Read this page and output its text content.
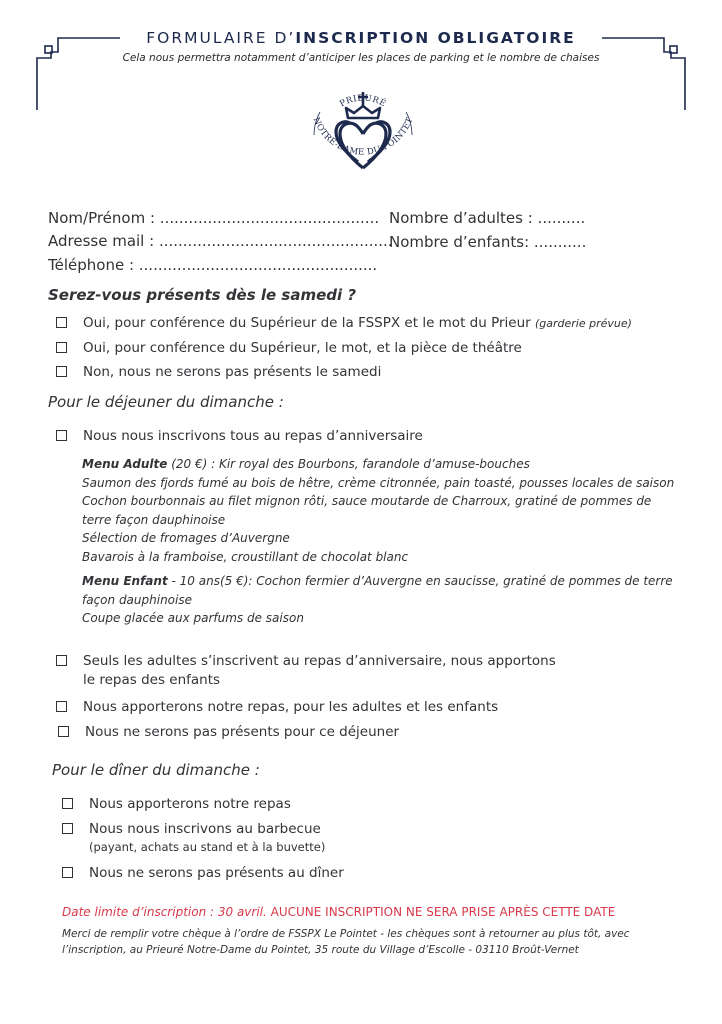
FORMULAIRE D’INSCRIPTION OBLIGATOIRE
Cela nous permettra notamment d’anticiper les places de parking et le nombre de chaises
PRIEURÉ
NOTRE-DAME DU POINTET
Nom/Prénom : ..............................................
Adresse mail : .................................................
Téléphone : ..................................................
Nombre d’adultes : ..........
Nombre d’enfants: ...........
Serez-vous présents dès le samedi ?
Oui, pour conférence du Supérieur de la FSSPX et le mot du Prieur (garderie prévue)
Oui, pour conférence du Supérieur, le mot, et la pièce de théâtre
Non, nous ne serons pas présents le samedi
Pour le déjeuner du dimanche :
Nous nous inscrivons tous au repas d’anniversaire
Menu Adulte (20 €) : Kir royal des Bourbons, farandole d’amuse-bouches
Saumon des fjords fumé au bois de hêtre, crème citronnée, pain toasté, pousses locales de saison
Cochon bourbonnais au filet mignon rôti, sauce moutarde de Charroux, gratiné de pommes de
terre façon dauphinoise
Sélection de fromages d’Auvergne
Bavarois à la framboise, croustillant de chocolat blanc
Menu Enfant - 10 ans(5 €): Cochon fermier d’Auvergne en saucisse, gratiné de pommes de terre
façon dauphinoise
Coupe glacée aux parfums de saison
Seuls les adultes s’inscrivent au repas d’anniversaire, nous apportons
le repas des enfants
Nous apporterons notre repas, pour les adultes et les enfants
Nous ne serons pas présents pour ce déjeuner
Pour le dîner du dimanche :
Nous apporterons notre repas
Nous nous inscrivons au barbecue
(payant, achats au stand et à la buvette)
Nous ne serons pas présents au dîner
Date limite d’inscription : 30 avril. AUCUNE INSCRIPTION NE SERA PRISE APRÈS CETTE DATE
Merci de remplir votre chèque à l’ordre de FSSPX Le Pointet - les chèques sont à retourner au plus tôt, avec
l’inscription, au Prieuré Notre-Dame du Pointet, 35 route du Village d’Escolle - 03110 Broût-Vernet
